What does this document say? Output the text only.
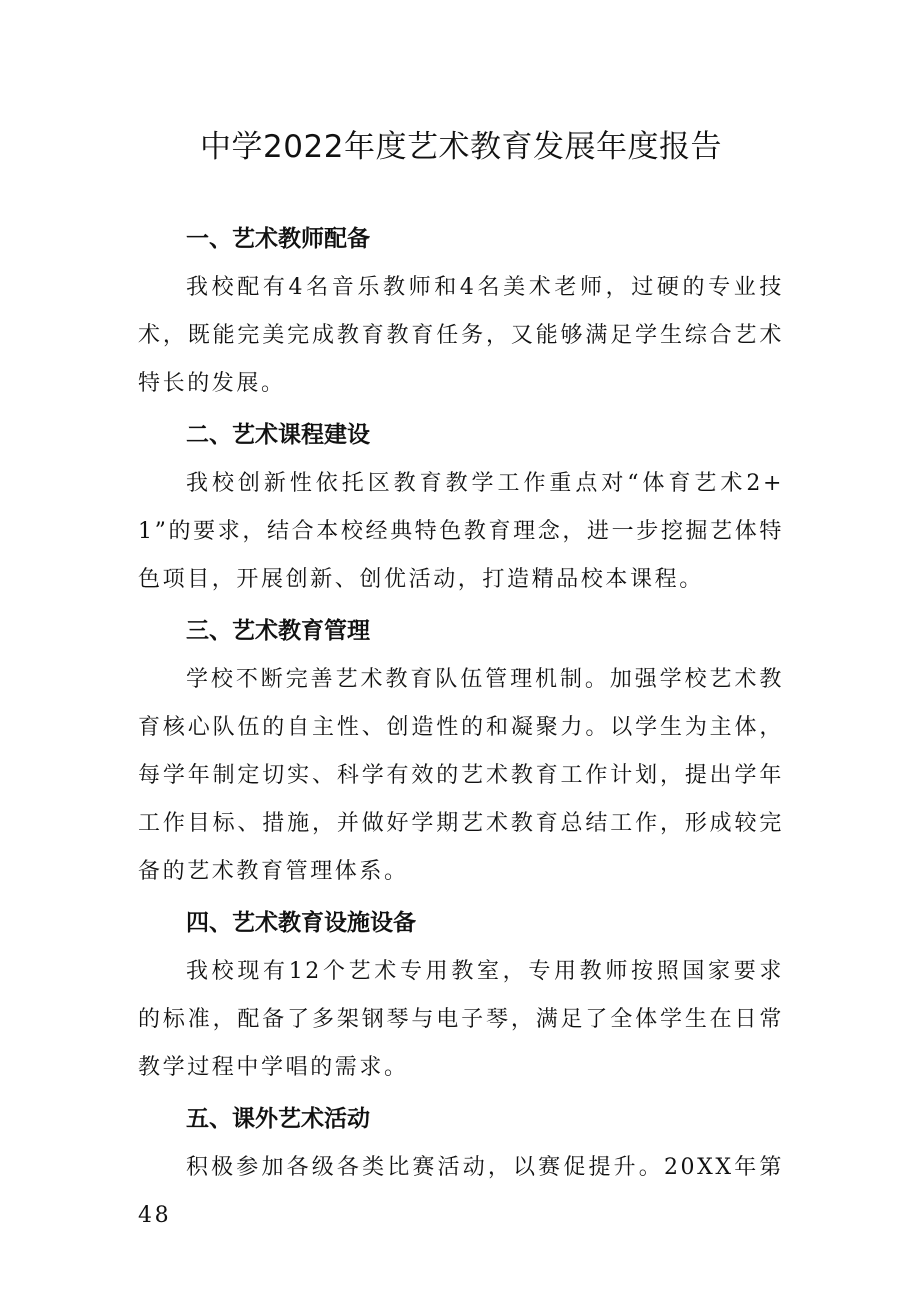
中学2022年度艺术教育发展年度报告
一、艺术教师配备

我校配有4名音乐教师和4名美术老师，过硬的专业技术，既能完美完成教育教育任务，又能够满足学生综合艺术特长的发展。

二、艺术课程建设

我校创新性依托区教育教学工作重点对“体育艺术2+1”的要求，结合本校经典特色教育理念，进一步挖掘艺体特色项目，开展创新、创优活动，打造精品校本课程。

三、艺术教育管理

学校不断完善艺术教育队伍管理机制。加强学校艺术教育核心队伍的自主性、创造性的和凝聚力。以学生为主体，每学年制定切实、科学有效的艺术教育工作计划，提出学年工作目标、措施，并做好学期艺术教育总结工作，形成较完备的艺术教育管理体系。

四、艺术教育设施设备

我校现有12个艺术专用教室，专用教师按照国家要求的标准，配备了多架钢琴与电子琴，满足了全体学生在日常教学过程中学唱的需求。

五、课外艺术活动

积极参加各级各类比赛活动，以赛促提升。20XX年第48
